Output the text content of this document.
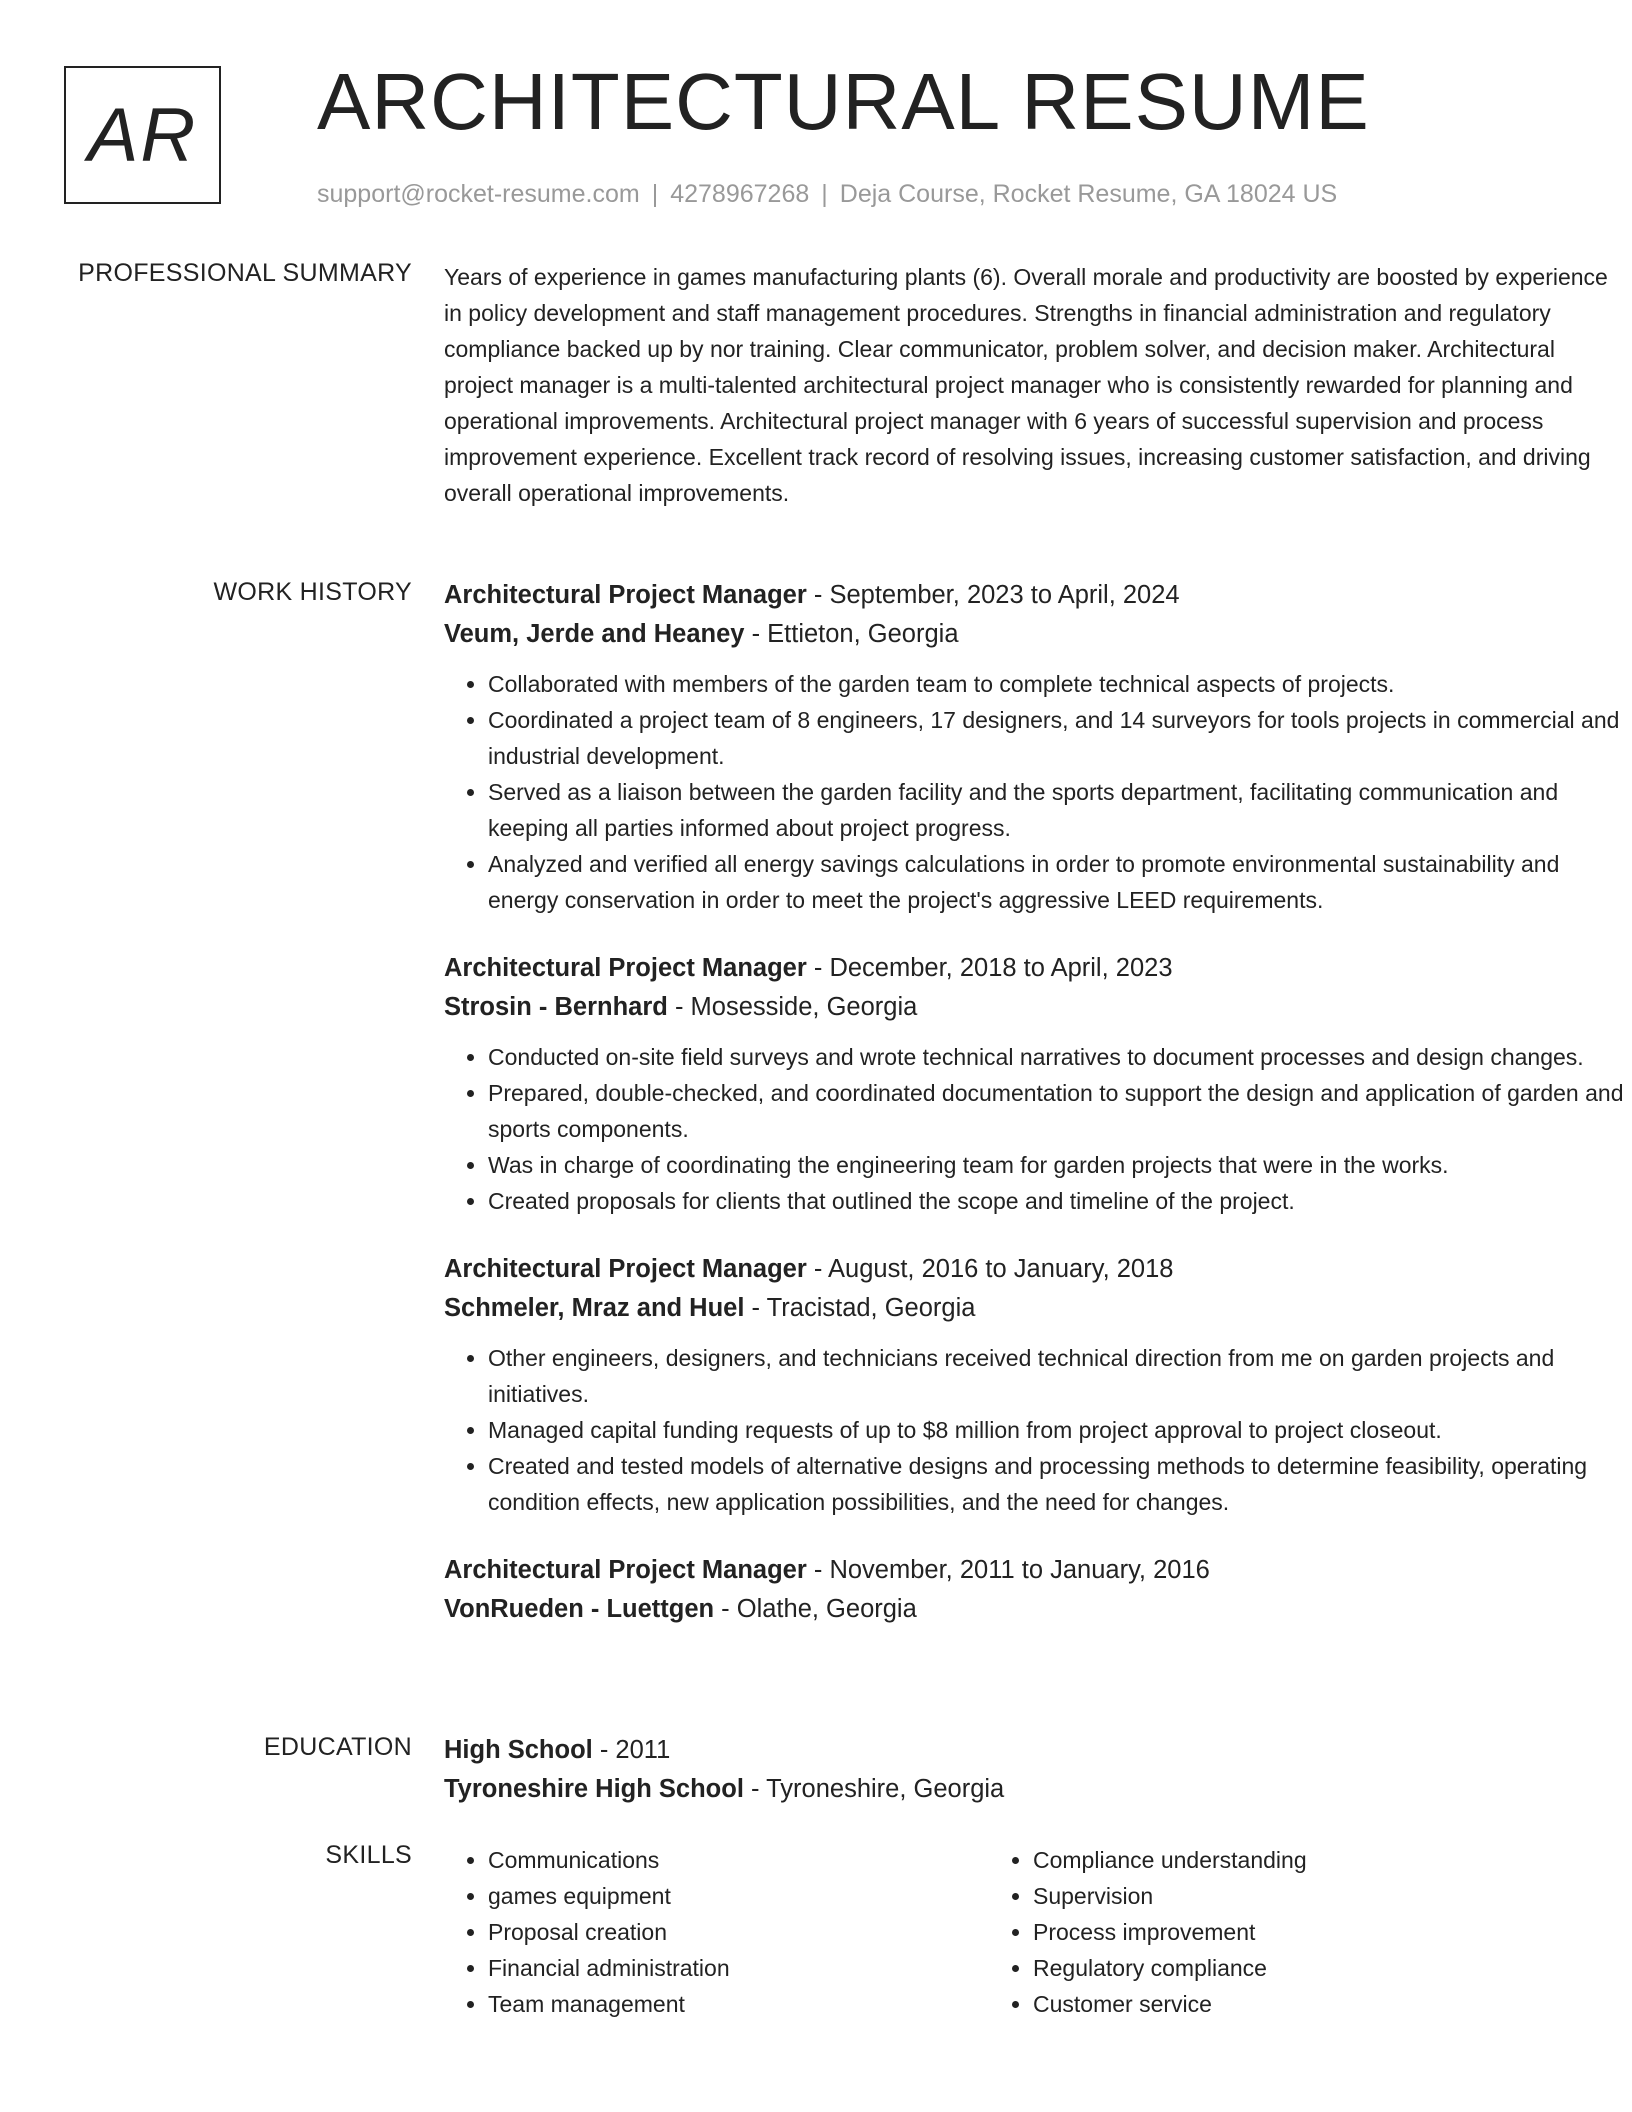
AR ARCHITECTURAL RESUME
support@rocket-resume.com | 4278967268 | Deja Course, Rocket Resume, GA 18024 US
PROFESSIONAL SUMMARY Years of experience in games manufacturing plants (6). Overall morale and productivity are boosted by experience in policy development and staff management procedures. Strengths in financial administration and regulatory compliance backed up by nor training. Clear communicator, problem solver, and decision maker. Architectural project manager is a multi-talented architectural project manager who is consistently rewarded for planning and operational improvements. Architectural project manager with 6 years of successful supervision and process improvement experience. Excellent track record of resolving issues, increasing customer satisfaction, and driving overall operational improvements.

WORK HISTORY Architectural Project Manager - September, 2023 to April, 2024
Veum, Jerde and Heaney - Ettieton, Georgia
• Collaborated with members of the garden team to complete technical aspects of projects.
• Coordinated a project team of 8 engineers, 17 designers, and 14 surveyors for tools projects in commercial and industrial development.
• Served as a liaison between the garden facility and the sports department, facilitating communication and keeping all parties informed about project progress.
• Analyzed and verified all energy savings calculations in order to promote environmental sustainability and energy conservation in order to meet the project's aggressive LEED requirements.
Architectural Project Manager - December, 2018 to April, 2023
Strosin - Bernhard - Mosesside, Georgia
• Conducted on-site field surveys and wrote technical narratives to document processes and design changes.
• Prepared, double-checked, and coordinated documentation to support the design and application of garden and sports components.
• Was in charge of coordinating the engineering team for garden projects that were in the works.
• Created proposals for clients that outlined the scope and timeline of the project.
Architectural Project Manager - August, 2016 to January, 2018
Schmeler, Mraz and Huel - Tracistad, Georgia
• Other engineers, designers, and technicians received technical direction from me on garden projects and initiatives.
• Managed capital funding requests of up to $8 million from project approval to project closeout.
• Created and tested models of alternative designs and processing methods to determine feasibility, operating condition effects, new application possibilities, and the need for changes.
Architectural Project Manager - November, 2011 to January, 2016
VonRueden - Luettgen - Olathe, Georgia
EDUCATION High School - 2011
Tyroneshire High School - Tyroneshire, Georgia
SKILLS
•	Communications
• games equipment
• Proposal creation
• Financial administration
• Team management
• Compliance understanding
• Supervision
• Process improvement
• Regulatory compliance
• Customer service
